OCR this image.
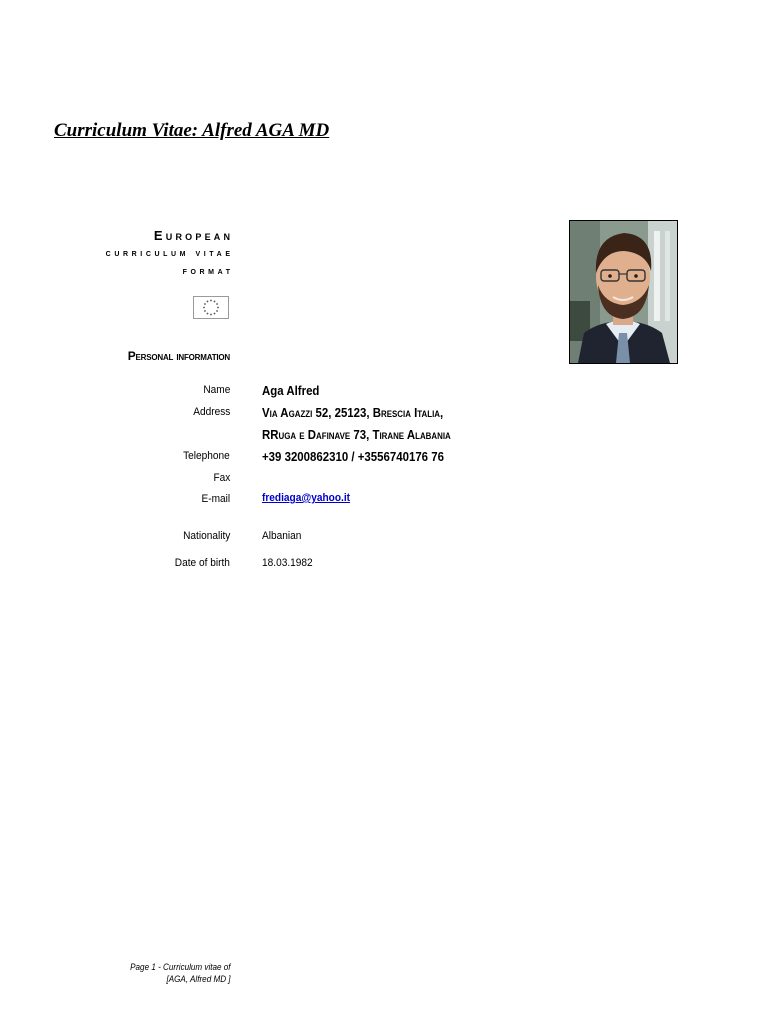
Curriculum Vitae: Alfred AGA MD
European
curriculum vitae
format
Personal information
Name Aga Alfred
Address Via Agazzi 52, 25123, Brescia Italia,
RRuga e Dafinave 73, Tirane Alabania
Telephone +39 3200862310 / +3556740176 76
Fax
E-mail	frediaga@yahoo.it
Nationality	Albanian
Date of birth	18.03.1982
Page 1 - Curriculum vitae of
[AGA, Alfred MD ]
